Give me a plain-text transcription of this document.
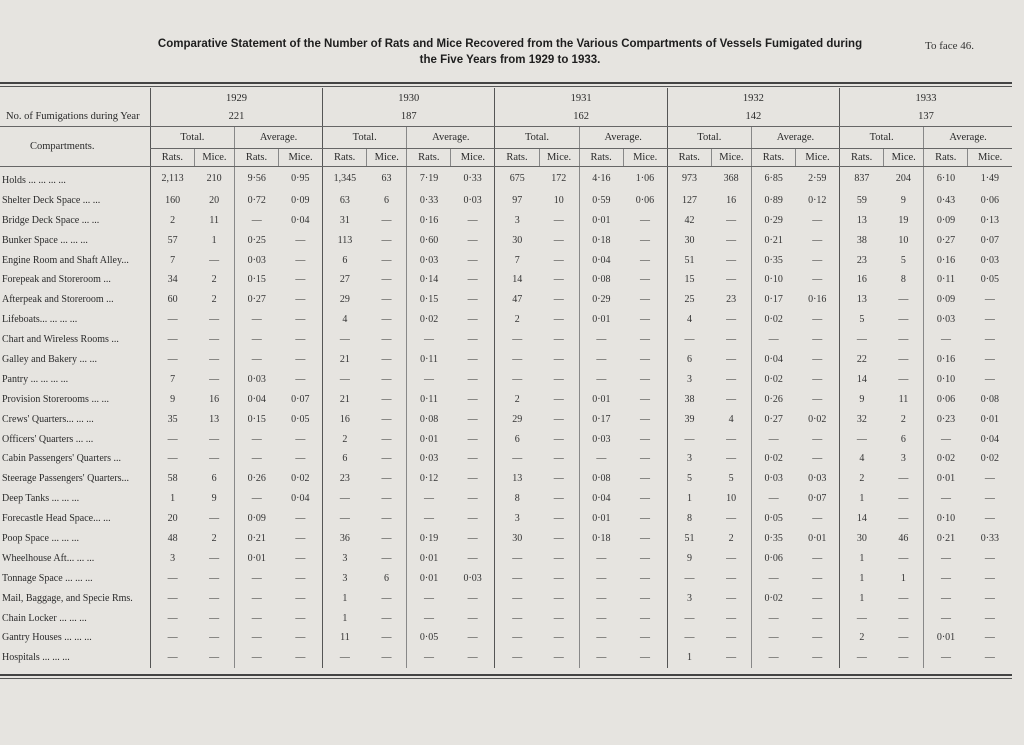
Comparative Statement of the Number of Rats and Mice Recovered from the Various Compartments of Vessels Fumigated during
the Five Years from 1929 to 1933.
To face 46.
No. of Fumigations during Year	1929				1930				1931				1932				1933			
	221				187				162				142				137			
Compartments.	Total.		Average.		Total.		Average.		Total.		Average.		Total.		Average.		Total.		Average.	
	Rats.	Mice.	Rats.	Mice.	Rats.	Mice.	Rats.	Mice.	Rats.	Mice.	Rats.	Mice.	Rats.	Mice.	Rats.	Mice.	Rats.	Mice.	Rats.	Mice.
Holds ... ... ... ...	2,113	210	9·56	0·95	1,345	63	7·19	0·33	675	172	4·16	1·06	973	368	6·85	2·59	837	204	6·10	1·49
Shelter Deck Space ... ...	160	20	0·72	0·09	63	6	0·33	0·03	97	10	0·59	0·06	127	16	0·89	0·12	59	9	0·43	0·06
Bridge Deck Space ... ...	2	11	—	0·04	31	—	0·16	—	3	—	0·01	—	42	—	0·29	—	13	19	0·09	0·13
Bunker Space ... ... ...	57	1	0·25	—	113	—	0·60	—	30	—	0·18	—	30	—	0·21	—	38	10	0·27	0·07
Engine Room and Shaft Alley...	7	—	0·03	—	6	—	0·03	—	7	—	0·04	—	51	—	0·35	—	23	5	0·16	0·03
Forepeak and Storeroom ...	34	2	0·15	—	27	—	0·14	—	14	—	0·08	—	15	—	0·10	—	16	8	0·11	0·05
Afterpeak and Storeroom ...	60	2	0·27	—	29	—	0·15	—	47	—	0·29	—	25	23	0·17	0·16	13	—	0·09	—
Lifeboats... ... ... ...	—	—	—	—	4	—	0·02	—	2	—	0·01	—	4	—	0·02	—	5	—	0·03	—
Chart and Wireless Rooms ...	—	—	—	—	—	—	—	—	—	—	—	—	—	—	—	—	—	—	—	—
Galley and Bakery ... ...	—	—	—	—	21	—	0·11	—	—	—	—	—	6	—	0·04	—	22	—	0·16	—
Pantry ... ... ... ...	7	—	0·03	—	—	—	—	—	—	—	—	—	3	—	0·02	—	14	—	0·10	—
Provision Storerooms ... ...	9	16	0·04	0·07	21	—	0·11	—	2	—	0·01	—	38	—	0·26	—	9	11	0·06	0·08
Crews' Quarters... ... ...	35	13	0·15	0·05	16	—	0·08	—	29	—	0·17	—	39	4	0·27	0·02	32	2	0·23	0·01
Officers' Quarters ... ...	—	—	—	—	2	—	0·01	—	6	—	0·03	—	—	—	—	—	—	6	—	0·04
Cabin Passengers' Quarters ...	—	—	—	—	6	—	0·03	—	—	—	—	—	3	—	0·02	—	4	3	0·02	0·02
Steerage Passengers' Quarters...	58	6	0·26	0·02	23	—	0·12	—	13	—	0·08	—	5	5	0·03	0·03	2	—	0·01	—
Deep Tanks ... ... ...	1	9	—	0·04	—	—	—	—	8	—	0·04	—	1	10	—	0·07	1	—	—	—
Forecastle Head Space... ...	20	—	0·09	—	—	—	—	—	3	—	0·01	—	8	—	0·05	—	14	—	0·10	—
Poop Space ... ... ...	48	2	0·21	—	36	—	0·19	—	30	—	0·18	—	51	2	0·35	0·01	30	46	0·21	0·33
Wheelhouse Aft... ... ...	3	—	0·01	—	3	—	0·01	—	—	—	—	—	9	—	0·06	—	1	—	—	—
Tonnage Space ... ... ...	—	—	—	—	3	6	0·01	0·03	—	—	—	—	—	—	—	—	1	1	—	—
Mail, Baggage, and Specie Rms.	—	—	—	—	1	—	—	—	—	—	—	—	3	—	0·02	—	1	—	—	—
Chain Locker ... ... ...	—	—	—	—	1	—	—	—	—	—	—	—	—	—	—	—	—	—	—	—
Gantry Houses ... ... ...	—	—	—	—	11	—	0·05	—	—	—	—	—	—	—	—	—	2	—	0·01	—
Hospitals ... ... ...	—	—	—	—	—	—	—	—	—	—	—	—	1	—	—	—	—	—	—	—
